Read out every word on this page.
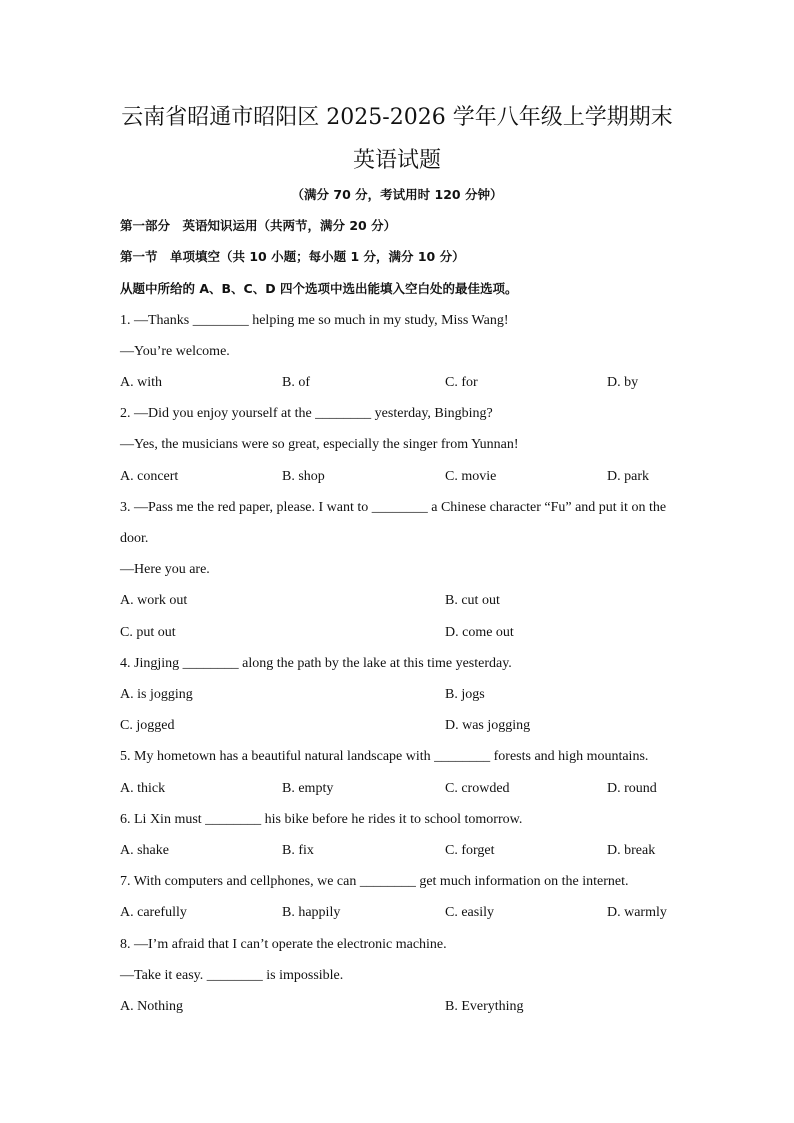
云南省昭通市昭阳区 2025-2026 学年八年级上学期期末
英语试题
（满分 70 分，考试用时 120 分钟）
第一部分　英语知识运用（共两节，满分 20 分）
第一节　单项填空（共 10 小题；每小题 1 分，满分 10 分）
从题中所给的 A、B、C、D 四个选项中选出能填入空白处的最佳选项。
1. —Thanks ________ helping me so much in my study, Miss Wang!
—You’re welcome.
A. with	B. of	C. for	D. by
2. —Did you enjoy yourself at the ________ yesterday, Bingbing?
—Yes, the musicians were so great, especially the singer from Yunnan!
A. concert	B. shop	C. movie	D. park
3. —Pass me the red paper, please. I want to ________ a Chinese character “Fu” and put it on the
door.
—Here you are.
A. work out	B. cut out
C. put out	D. come out
4. Jingjing ________ along the path by the lake at this time yesterday.
A. is jogging	B. jogs
C. jogged	D. was jogging
5. My hometown has a beautiful natural landscape with ________ forests and high mountains.
A. thick	B. empty	C. crowded	D. round
6. Li Xin must ________ his bike before he rides it to school tomorrow.
A. shake	B. fix	C. forget	D. break
7. With computers and cellphones, we can ________ get much information on the internet.
A. carefully	B. happily	C. easily	D. warmly
8. —I’m afraid that I can’t operate the electronic machine.
—Take it easy. ________ is impossible.
A. Nothing	B. Everything
